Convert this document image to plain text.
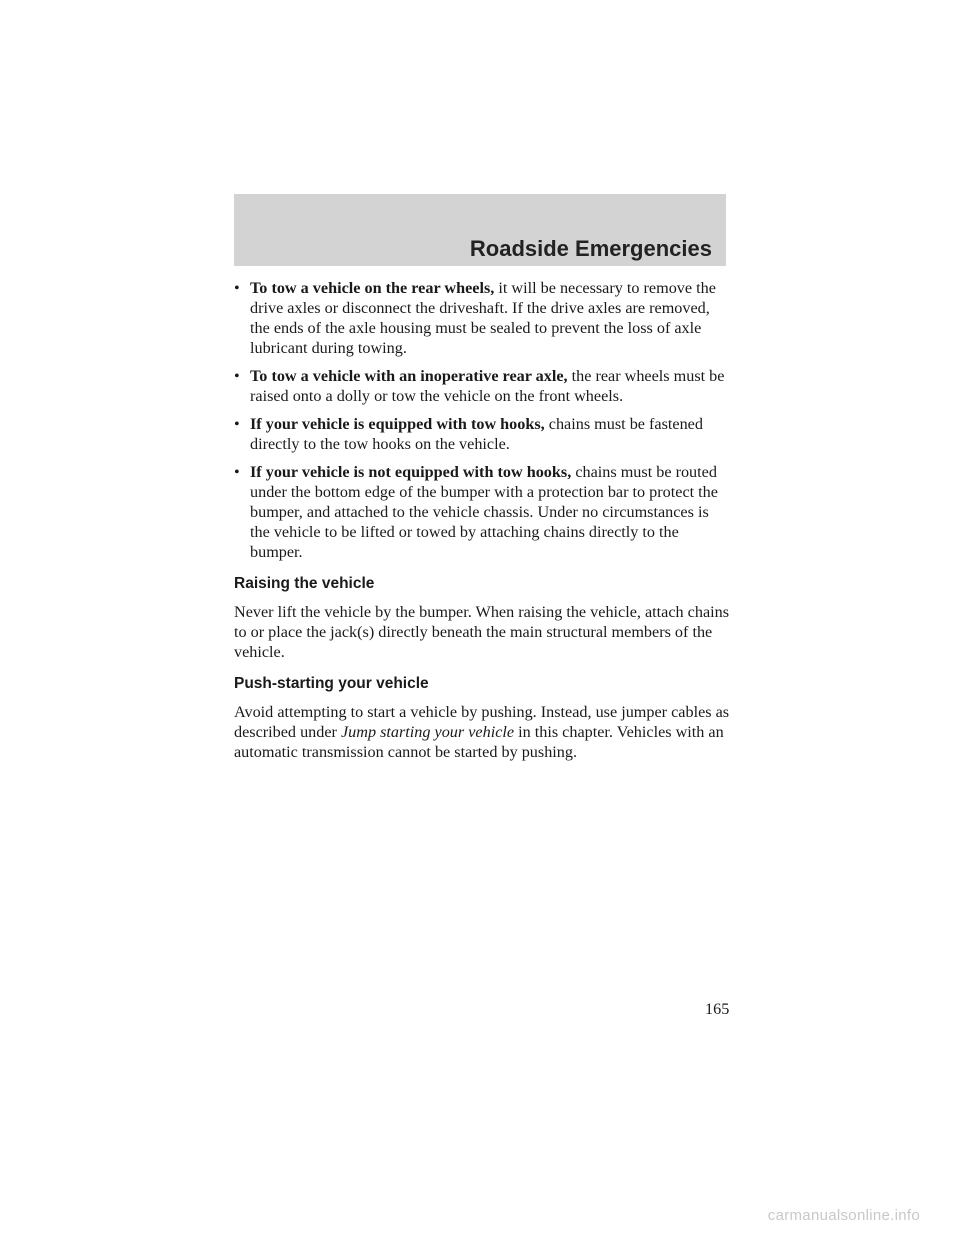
Roadside Emergencies
• To tow a vehicle on the rear wheels, it will be necessary to remove the drive axles or disconnect the driveshaft. If the drive axles are removed, the ends of the axle housing must be sealed to prevent the loss of axle lubricant during towing.
• To tow a vehicle with an inoperative rear axle, the rear wheels must be raised onto a dolly or tow the vehicle on the front wheels.
• If your vehicle is equipped with tow hooks, chains must be fastened directly to the tow hooks on the vehicle.
• If your vehicle is not equipped with tow hooks, chains must be routed under the bottom edge of the bumper with a protection bar to protect the bumper, and attached to the vehicle chassis. Under no circumstances is the vehicle to be lifted or towed by attaching chains directly to the bumper.
Raising the vehicle

Never lift the vehicle by the bumper. When raising the vehicle, attach chains to or place the jack(s) directly beneath the main structural members of the vehicle.

Push-starting your vehicle

Avoid attempting to start a vehicle by pushing. Instead, use jumper cables as described under Jump starting your vehicle in this chapter. Vehicles with an automatic transmission cannot be started by pushing.

165
carmanualsonline.info
